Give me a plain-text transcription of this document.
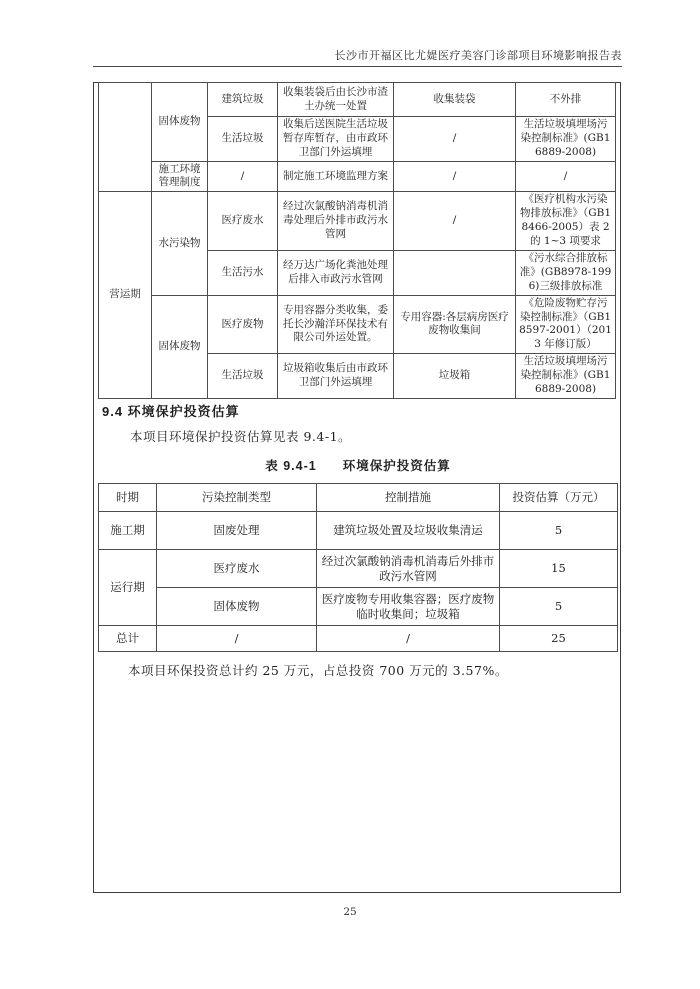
长沙市开福区比尤媞医疗美容门诊部项目环境影响报告表
	固体废物	建筑垃圾	收集装袋后由长沙市渣土办统一处置	收集装袋	不外排
		生活垃圾	收集后送医院生活垃圾暂存库暂存，由市政环卫部门外运填埋	/	生活垃圾填埋场污染控制标准》(GB16889-2008)
	施工环境管理制度	/	制定施工环境监理方案	/	/
营运期	水污染物	医疗废水	经过次氯酸钠消毒机消毒处理后外排市政污水管网	/	《医疗机构水污染物排放标准》（GB18466-2005）表 2 的 1~3 项要求
		生活污水	经万达广场化粪池处理后排入市政污水管网		《污水综合排放标准》(GB8978-1996)三级排放标准
	固体废物	医疗废物	专用容器分类收集，委托长沙瀚洋环保技术有限公司外运处置。	专用容器:各层病房医疗废物收集间	《危险废物贮存污染控制标准》（GB18597-2001）（2013 年修订版）
		生活垃圾	垃圾箱收集后由市政环卫部门外运填埋	垃圾箱	生活垃圾填埋场污染控制标准》(GB16889-2008)
9.4 环境保护投资估算
本项目环境保护投资估算见表 9.4-1。
表 9.4-1 环境保护投资估算
时期	污染控制类型	控制措施	投资估算（万元）
施工期	固废处理	建筑垃圾处置及垃圾收集清运	5
运行期	医疗废水	经过次氯酸钠消毒机消毒后外排市政污水管网	15
	固体废物	医疗废物专用收集容器；医疗废物临时收集间；垃圾箱	5
总计	/	/	25
本项目环保投资总计约 25 万元，占总投资 700 万元的 3.57%。
25
